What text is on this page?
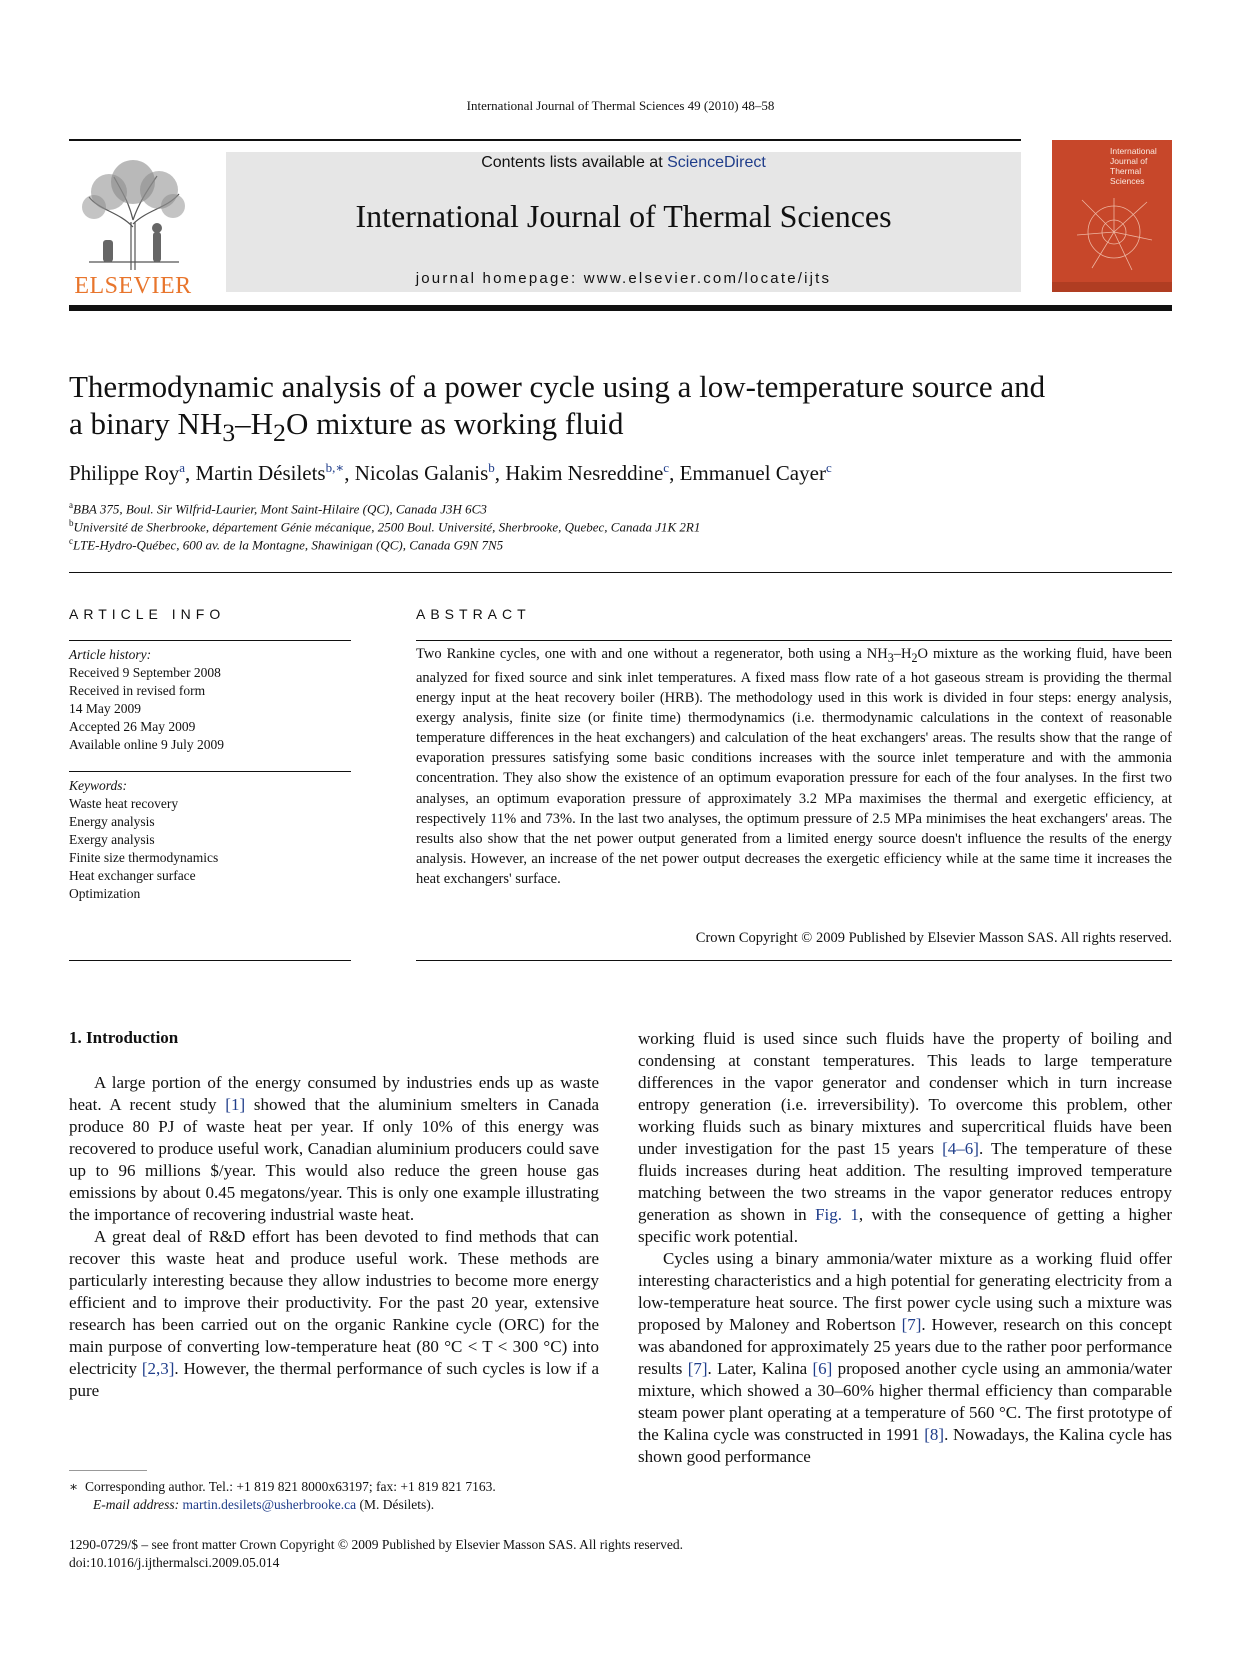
International Journal of Thermal Sciences 49 (2010) 48–58
ELSEVIER
Contents lists available at ScienceDirect
International Journal of Thermal Sciences
journal homepage: www.elsevier.com/locate/ijts
International Journal of Thermal Sciences
Thermodynamic analysis of a power cycle using a low-temperature source and
a binary $NH_3-H_2O$ mixture as working fluid
Philippe Roy$^a$, Martin Désilets$^{b,∗}$, Nicolas Galanis$^b$, Hakim Nesreddine$^c$, Emmanuel Cayer$^c$
$^a$BBA 375, Boul. Sir Wilfrid-Laurier, Mont Saint-Hilaire (QC), Canada J3H 6C3
$^b$Université de Sherbrooke, département Génie mécanique, 2500 Boul. Université, Sherbrooke, Quebec, Canada J1K 2R1
$^c$LTE-Hydro-Québec, 600 av. de la Montagne, Shawinigan (QC), Canada G9N 7N5
ARTICLE INFO
Article history:
Received 9 September 2008
Received in revised form
14 May 2009
Accepted 26 May 2009
Available online 9 July 2009
Keywords:
Waste heat recovery
Energy analysis
Exergy analysis
Finite size thermodynamics
Heat exchanger surface
Optimization
ABSTRACT
Two Rankine cycles, one with and one without a regenerator, both using a $NH_3-H_2O$ mixture as the working fluid, have been analyzed for fixed source and sink inlet temperatures. A fixed mass flow rate of a hot gaseous stream is providing the thermal energy input at the heat recovery boiler (HRB). The methodology used in this work is divided in four steps: energy analysis, exergy analysis, finite size (or finite time) thermodynamics (i.e. thermodynamic calculations in the context of reasonable temperature differences in the heat exchangers) and calculation of the heat exchangers' areas. The results show that the range of evaporation pressures satisfying some basic conditions increases with the source inlet temperature and with the ammonia concentration. They also show the existence of an optimum evaporation pressure for each of the four analyses. In the first two analyses, an optimum evaporation pressure of approximately 3.2 MPa maximises the thermal and exergetic efficiency, at respectively 11% and 73%. In the last two analyses, the optimum pressure of 2.5 MPa minimises the heat exchangers' areas. The results also show that the net power output generated from a limited energy source doesn't influence the results of the energy analysis. However, an increase of the net power output decreases the exergetic efficiency while at the same time it increases the heat exchangers' surface.
Crown Copyright © 2009 Published by Elsevier Masson SAS. All rights reserved.
1. Introduction

A large portion of the energy consumed by industries ends up as waste heat. A recent study [1] showed that the aluminium smelters in Canada produce 80 PJ of waste heat per year. If only 10% of this energy was recovered to produce useful work, Canadian aluminium producers could save up to 96 millions $/year. This would also reduce the green house gas emissions by about 0.45 megatons/year. This is only one example illustrating the importance of recovering industrial waste heat.

A great deal of R&D effort has been devoted to find methods that can recover this waste heat and produce useful work. These methods are particularly interesting because they allow industries to become more energy efficient and to improve their productivity. For the past 20 year, extensive research has been carried out on the organic Rankine cycle (ORC) for the main purpose of converting low-temperature heat (80 °C < T < 300 °C) into electricity [2,3]. However, the thermal performance of such cycles is low if a pure

working fluid is used since such fluids have the property of boiling and condensing at constant temperatures. This leads to large temperature differences in the vapor generator and condenser which in turn increase entropy generation (i.e. irreversibility). To overcome this problem, other working fluids such as binary mixtures and supercritical fluids have been under investigation for the past 15 years [4–6]. The temperature of these fluids increases during heat addition. The resulting improved temperature matching between the two streams in the vapor generator reduces entropy generation as shown in Fig. 1, with the consequence of getting a higher specific work potential.

Cycles using a binary ammonia/water mixture as a working fluid offer interesting characteristics and a high potential for generating electricity from a low-temperature heat source. The first power cycle using such a mixture was proposed by Maloney and Robertson [7]. However, research on this concept was abandoned for approximately 25 years due to the rather poor performance results [7]. Later, Kalina [6] proposed another cycle using an ammonia/water mixture, which showed a 30–60% higher thermal efficiency than comparable steam power plant operating at a temperature of 560 °C. The first prototype of the Kalina cycle was constructed in 1991 [8]. Nowadays, the Kalina cycle has shown good performance

∗ Corresponding author. Tel.: +1 819 821 8000x63197; fax: +1 819 821 7163.
E-mail address: martin.desilets@usherbrooke.ca (M. Désilets).
1290-0729/$ – see front matter Crown Copyright © 2009 Published by Elsevier Masson SAS. All rights reserved.
doi:10.1016/j.ijthermalsci.2009.05.014
